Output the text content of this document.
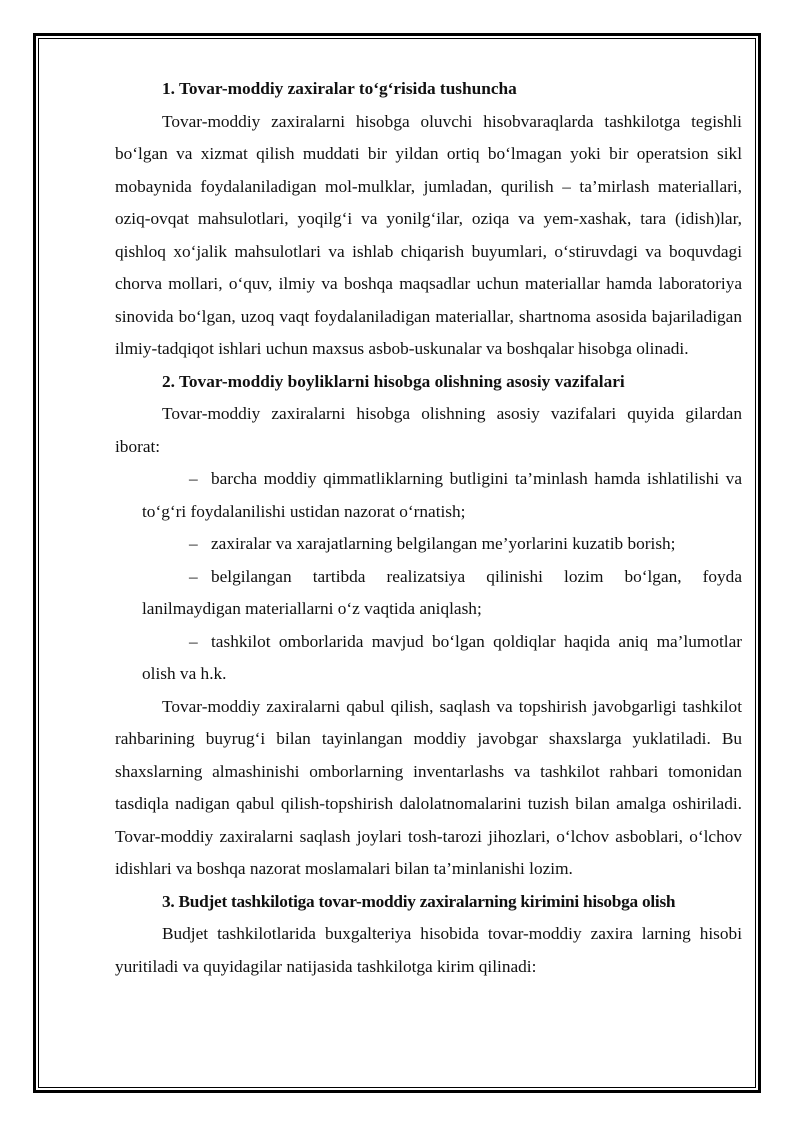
1. Tovar-moddiy zaxiralar to‘g‘risida tushuncha

Tovar-moddiy zaxiralarni hisobga oluvchi hisobvaraqlarda tashkilotga tegishli bo‘lgan va xizmat qilish muddati bir yildan ortiq bo‘lmagan yoki bir operatsion sikl mobaynida foydalaniladigan mol-mulklar, jumladan, qurilish – ta’mirlash materiallari, oziq-ovqat mahsulotlari, yoqilg‘i va yonilg‘ilar, oziqa va yem-xashak, tara (idish)lar, qishloq xo‘jalik mahsulotlari va ishlab chiqarish buyumlari, o‘stiruvdagi va boquvdagi chorva mollari, o‘quv, ilmiy va boshqa maqsadlar uchun materiallar hamda laboratoriya sinovida bo‘lgan, uzoq vaqt foydalaniladigan materiallar, shartnoma asosida bajariladigan ilmiy-tadqiqot ishlari uchun maxsus asbob-uskunalar va boshqalar hisobga olinadi.

2. Tovar-moddiy boyliklarni hisobga olishning asosiy vazifalari

Tovar-moddiy zaxiralarni hisobga olishning asosiy vazifalari quyida gilardan iborat:

– barcha moddiy qimmatliklarning butligini ta’minlash hamda ishlatilishi va to‘g‘ri foydalanilishi ustidan nazorat o‘rnatish;

– zaxiralar va xarajatlarning belgilangan me’yorlarini kuzatib borish;

– belgilangan tartibda realizatsiya qilinishi lozim bo‘lgan, foyda lanilmaydigan materiallarni o‘z vaqtida aniqlash;

– tashkilot omborlarida mavjud bo‘lgan qoldiqlar haqida aniq ma’lumotlar olish va h.k.

Tovar-moddiy zaxiralarni qabul qilish, saqlash va topshirish javobgarligi tashkilot rahbarining buyrug‘i bilan tayinlangan moddiy javobgar shaxslarga yuklatiladi. Bu shaxslarning almashinishi omborlarning inventarlashs va tashkilot rahbari tomonidan tasdiqla nadigan qabul qilish-topshirish dalolatnomalarini tuzish bilan amalga oshiriladi. Tovar-moddiy zaxiralarni saqlash joylari tosh-tarozi jihozlari, o‘lchov asboblari, o‘lchov idishlari va boshqa nazorat moslamalari bilan ta’minlanishi lozim.

3. Budjet tashkilotiga tovar-moddiy zaxiralarning kirimini hisobga olish

Budjet tashkilotlarida buxgalteriya hisobida tovar-moddiy zaxira larning hisobi yuritiladi va quyidagilar natijasida tashkilotga kirim qilinadi:
